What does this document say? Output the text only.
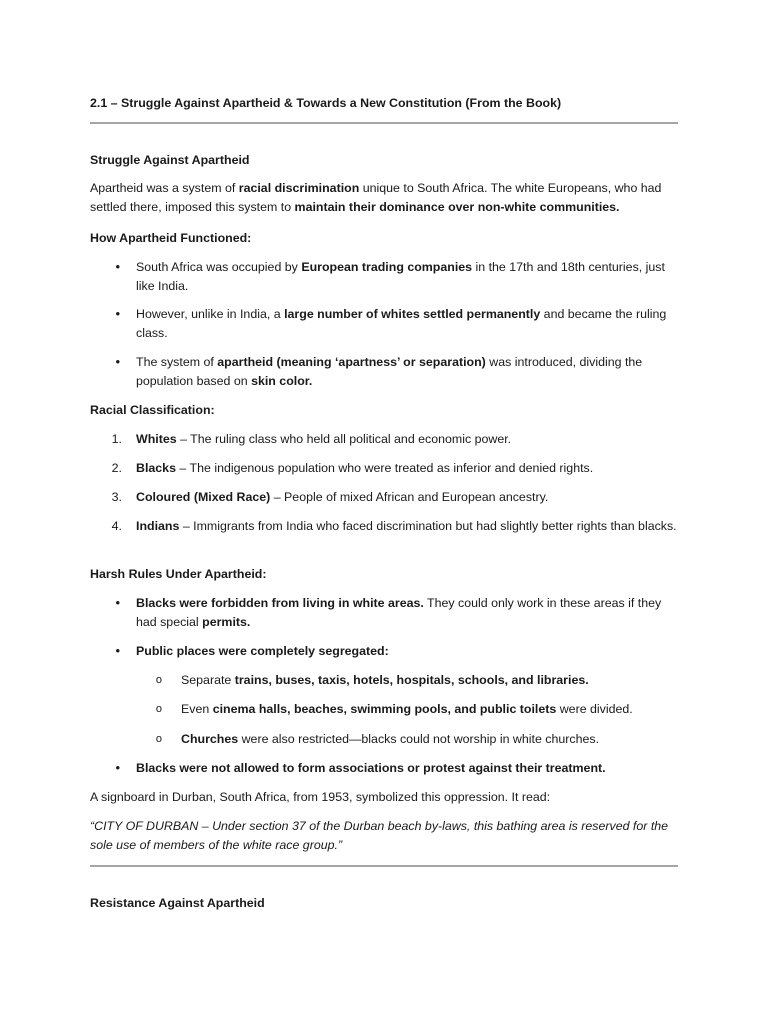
2.1 – Struggle Against Apartheid & Towards a New Constitution (From the Book)
Struggle Against Apartheid
Apartheid was a system of racial discrimination unique to South Africa. The white Europeans, who had settled there, imposed this system to maintain their dominance over non-white communities.
How Apartheid Functioned:
• South Africa was occupied by European trading companies in the 17th and 18th centuries, just like India.
• However, unlike in India, a large number of whites settled permanently and became the ruling class.
• The system of apartheid (meaning ‘apartness’ or separation) was introduced, dividing the population based on skin color.
Racial Classification:
1. Whites – The ruling class who held all political and economic power.
2. Blacks – The indigenous population who were treated as inferior and denied rights.
3. Coloured (Mixed Race) – People of mixed African and European ancestry.
4. Indians – Immigrants from India who faced discrimination but had slightly better rights than blacks.
Harsh Rules Under Apartheid:
• Blacks were forbidden from living in white areas. They could only work in these areas if they had special permits.
• Public places were completely segregated:
o Separate trains, buses, taxis, hotels, hospitals, schools, and libraries.
o Even cinema halls, beaches, swimming pools, and public toilets were divided.
o Churches were also restricted—blacks could not worship in white churches.
• Blacks were not allowed to form associations or protest against their treatment.
A signboard in Durban, South Africa, from 1953, symbolized this oppression. It read:
“CITY OF DURBAN – Under section 37 of the Durban beach by-laws, this bathing area is reserved for the sole use of members of the white race group.”
Resistance Against Apartheid
